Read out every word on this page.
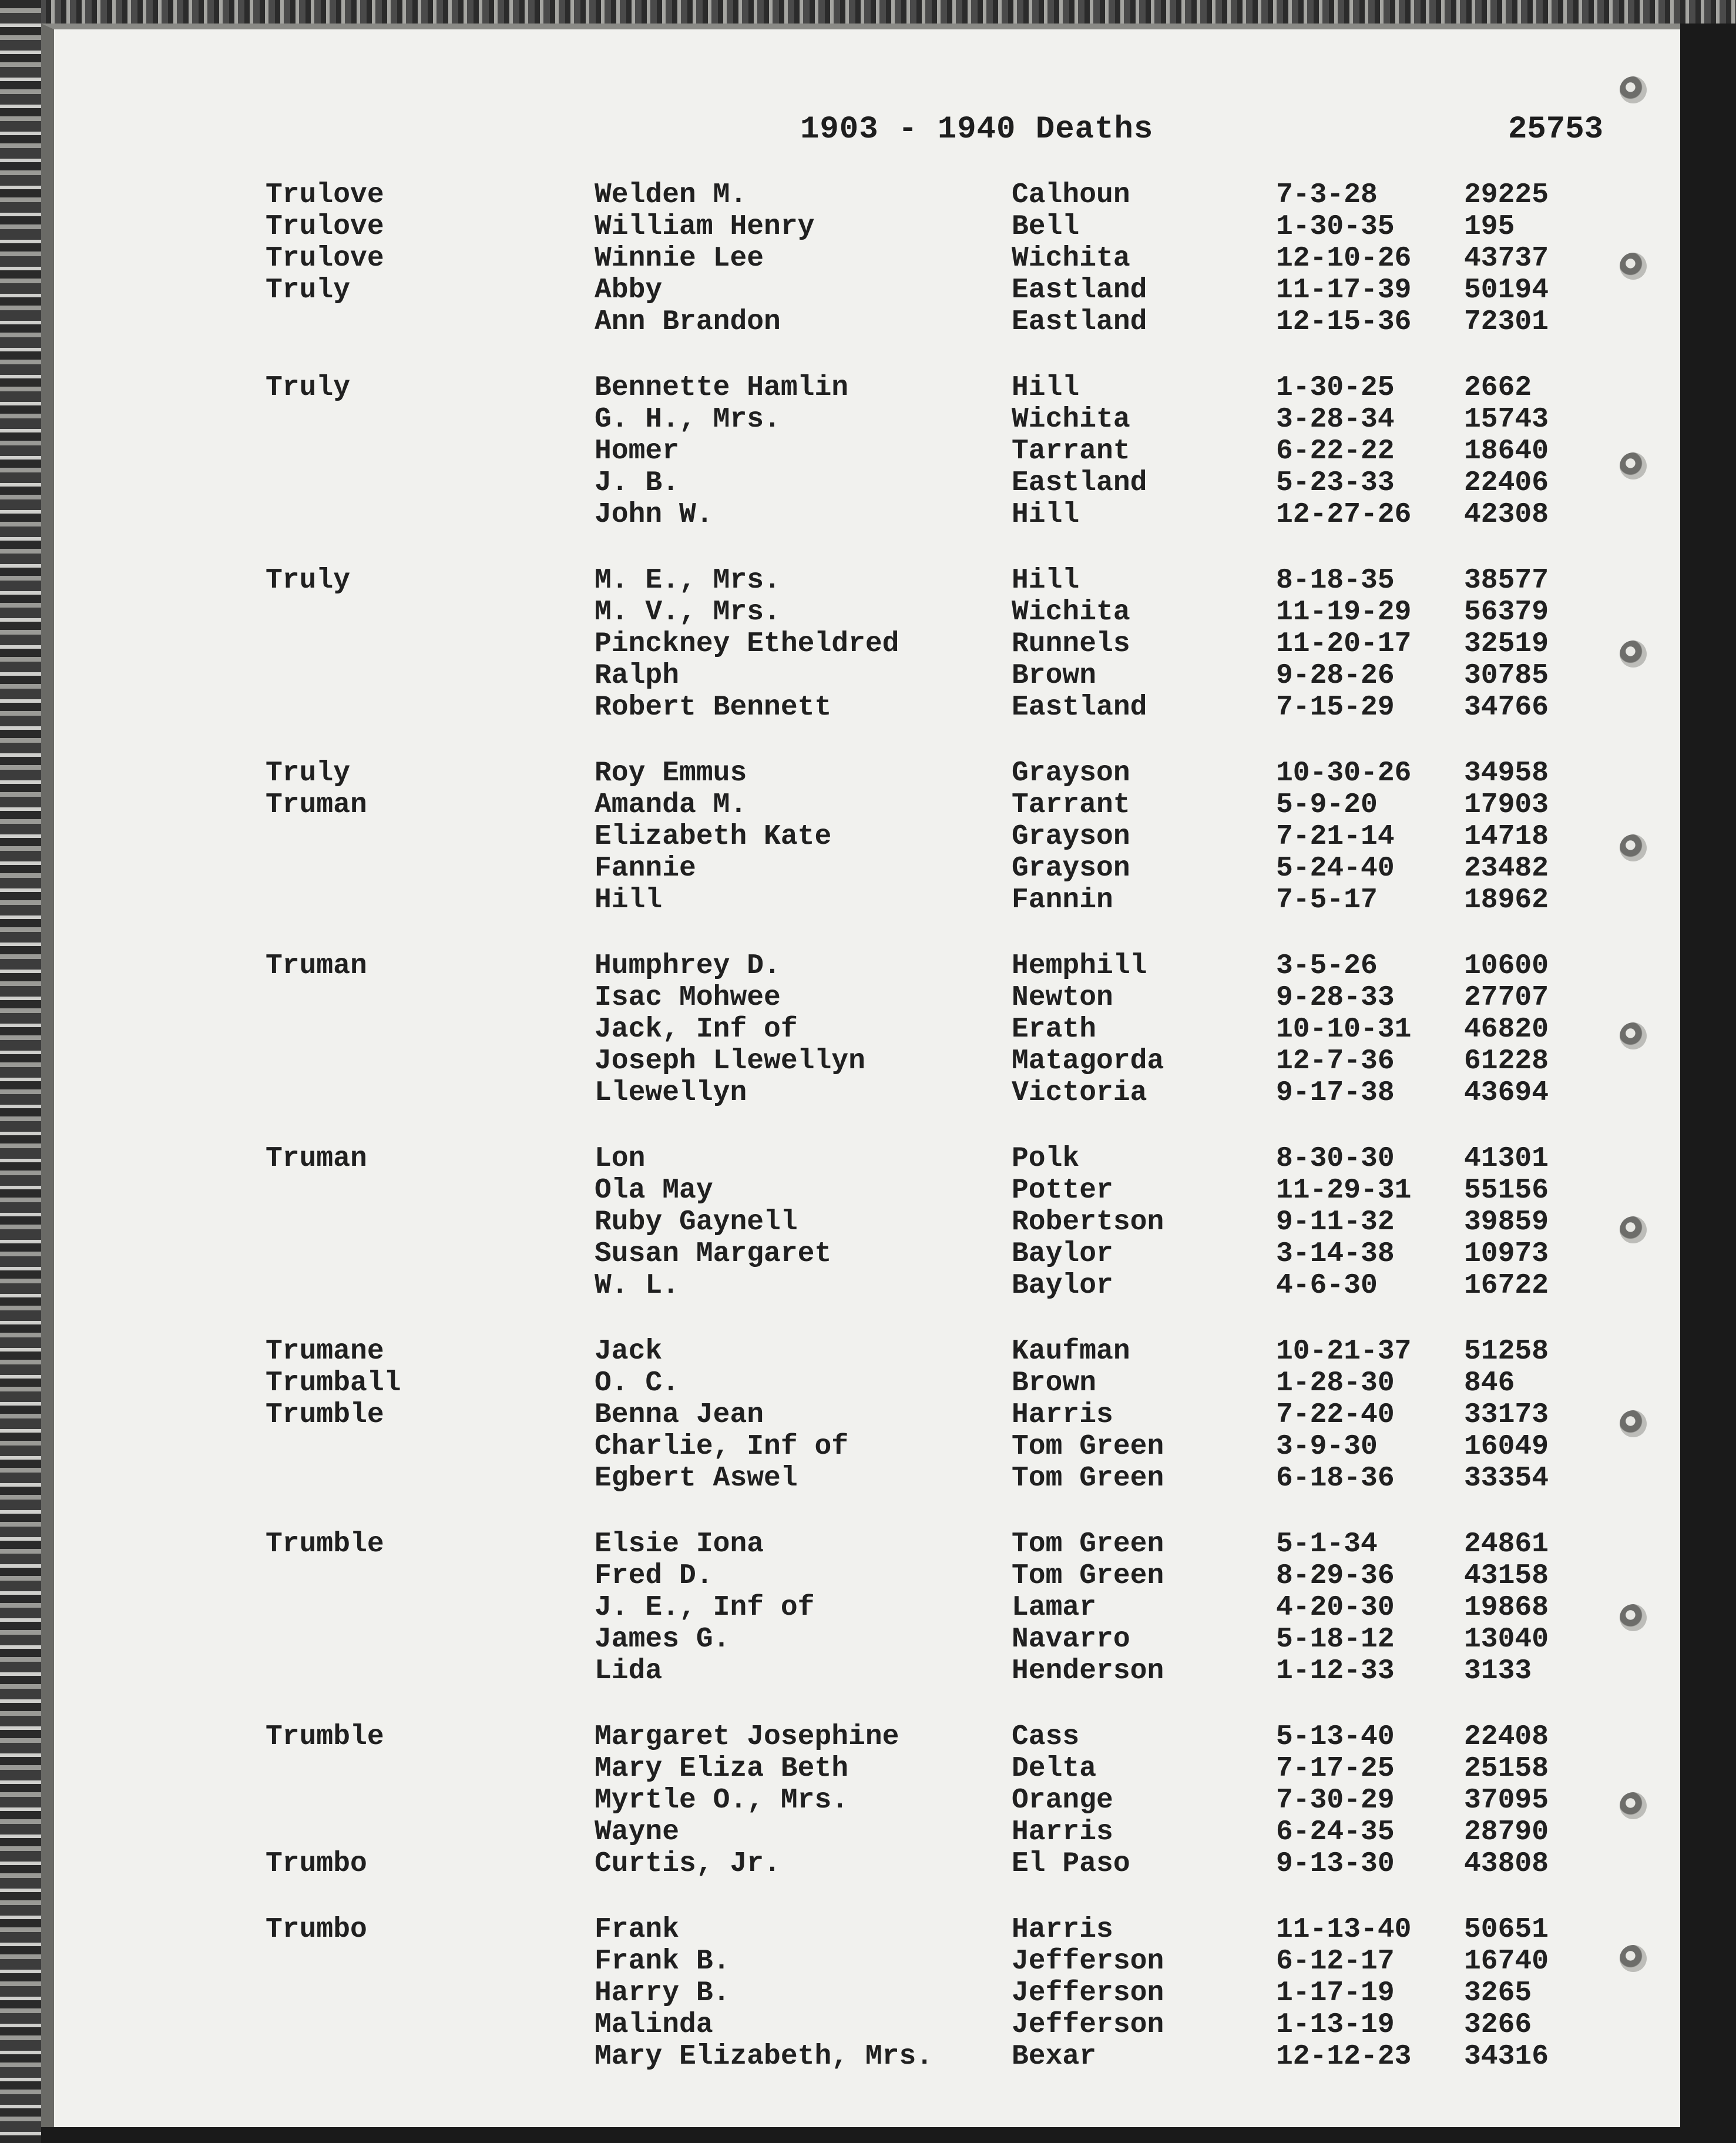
1903 - 1940 Deaths	25753
Trulove	Welden M.	Calhoun	7-3-28	29225
Trulove	William Henry	Bell	1-30-35 195
Trulove	Winnie Lee	Wichita	12-10-26 43737
Truly	Abby	Eastland	11-17-39 50194
Ann Brandon	Eastland	12-15-36 72301
Truly	Bennette Hamlin	Hill	1-30-25 2662
G. H., Mrs.	Wichita	3-28-34 15743
Homer	Tarrant	6-22-22 18640
J. B.	Eastland	5-23-33 22406
John W.	Hill	12-27-26 42308
Truly	M. E., Mrs.	Hill	8-18-35 38577
M. V., Mrs.	Wichita	11-19-29 56379
Pinckney Etheldred	Runnels	11-20-17 32519
Ralph	Brown	9-28-26 30785
Robert Bennett	Eastland	7-15-29 34766
Truly	Roy Emmus	Grayson	10-30-26 34958
Truman	Amanda M.	Tarrant	5-9-20	17903
Elizabeth Kate	Grayson	7-21-14 14718
Fannie	Grayson	5-24-40 23482
Hill	Fannin	7-5-17	18962
Truman	Humphrey D.	Hemphill	3-5-26	10600
Isac Mohwee	Newton	9-28-33 27707
Jack, Inf of	Erath	10-10-31 46820
Joseph Llewellyn	Matagorda	12-7-36 61228
Llewellyn	Victoria	9-17-38 43694
Truman	Lon	Polk	8-30-30 41301
Ola May	Potter	11-29-31 55156
Ruby Gaynell	Robertson	9-11-32 39859
Susan Margaret	Baylor	3-14-38 10973
W. L.	Baylor	4-6-30	16722
Trumane	Jack	Kaufman	10-21-37 51258
Trumball	O. C.	Brown	1-28-30 846
Trumble	Benna Jean	Harris	7-22-40 33173
Charlie, Inf of	Tom Green	3-9-30	16049
Egbert Aswel	Tom Green	6-18-36 33354
Trumble	Elsie Iona	Tom Green	5-1-34	24861
Fred D.	Tom Green	8-29-36 43158
J. E., Inf of	Lamar	4-20-30 19868
James G.	Navarro	5-18-12 13040
Lida	Henderson	1-12-33 3133
Trumble	Margaret Josephine	Cass	5-13-40 22408
Mary Eliza Beth	Delta	7-17-25 25158
Myrtle O., Mrs.	Orange	7-30-29 37095
Wayne	Harris	6-24-35 28790
Trumbo	Curtis, Jr.	El Paso	9-13-30 43808
Trumbo	Frank	Harris	11-13-40 50651
Frank B.	Jefferson	6-12-17 16740
Harry B.	Jefferson	1-17-19 3265
Malinda	Jefferson	1-13-19 3266
Mary Elizabeth, Mrs.	Bexar	12-12-23 34316
